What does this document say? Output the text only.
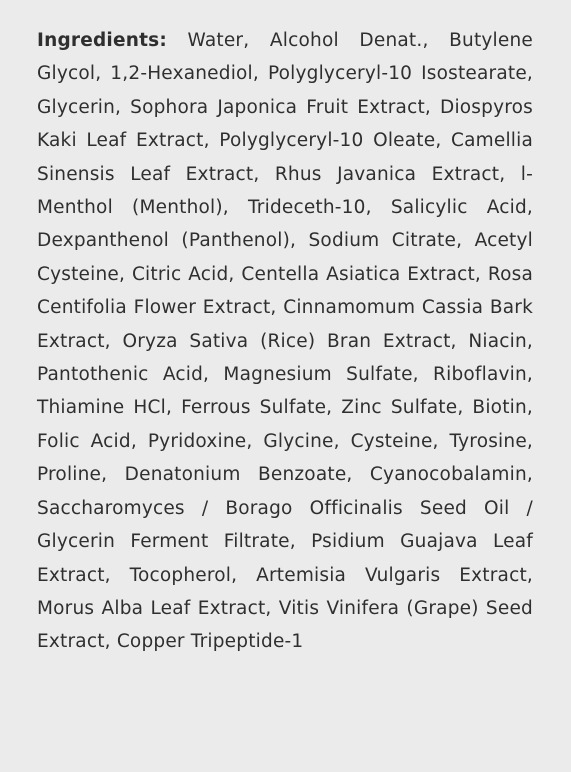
Ingredients: Water, Alcohol Denat., Butylene Glycol, 1,2-Hexanediol, Polyglyceryl-10 Isostearate, Glycerin, Sophora Japonica Fruit Extract, Diospyros Kaki Leaf Extract, Polyglyceryl-10 Oleate, Camellia Sinensis Leaf Extract, Rhus Javanica Extract, l-Menthol (Menthol), Trideceth-10, Salicylic Acid, Dexpanthenol (Panthenol), Sodium Citrate, Acetyl Cysteine, Citric Acid, Centella Asiatica Extract, Rosa Centifolia Flower Extract, Cinnamomum Cassia Bark Extract, Oryza Sativa (Rice) Bran Extract, Niacin, Pantothenic Acid, Magnesium Sulfate, Riboflavin, Thiamine HCl, Ferrous Sulfate, Zinc Sulfate, Biotin, Folic Acid, Pyridoxine, Glycine, Cysteine, Tyrosine, Proline, Denatonium Benzoate, Cyanocobalamin, Saccharomyces / Borago Officinalis Seed Oil / Glycerin Ferment Filtrate, Psidium Guajava Leaf Extract, Tocopherol, Artemisia Vulgaris Extract, Morus Alba Leaf Extract, Vitis Vinifera (Grape) Seed Extract, Copper Tripeptide-1
